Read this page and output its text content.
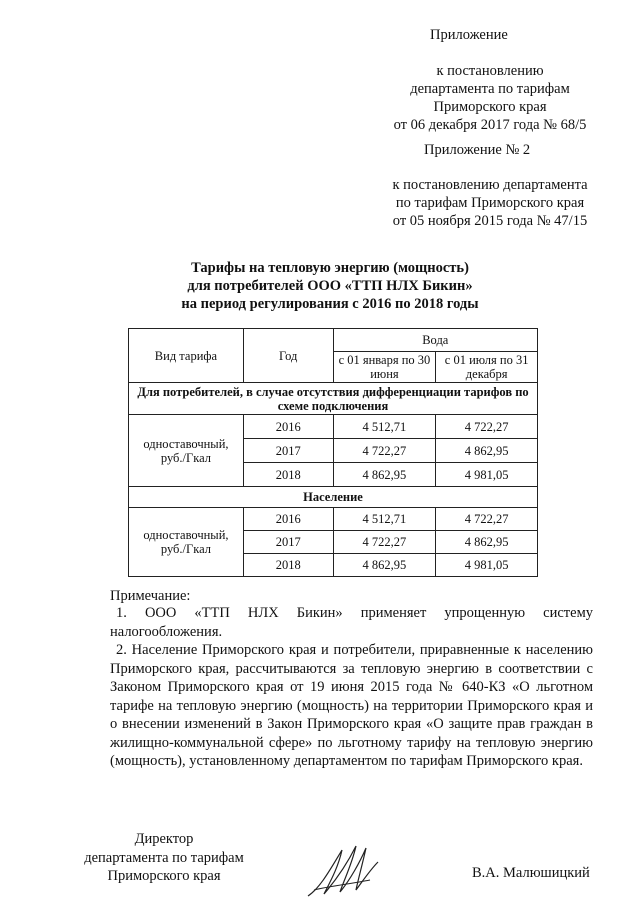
Приложение
к постановлению
департамента по тарифам
Приморского края
от 06 декабря 2017 года № 68/5
Приложение № 2
к постановлению департамента
по тарифам Приморского края
от 05 ноября 2015 года № 47/15
Тарифы на тепловую энергию (мощность)
для потребителей ООО «ТТП НЛХ Бикин»
на период регулирования с 2016 по 2018 годы
Вид тарифа	Год	Вода	
		с 01 января по 30 июня	с 01 июля по 31 декабря
Для потребителей, в случае отсутствия дифференциации тарифов по схеме подключения			
одноставочный, руб./Гкал	2016	4 512,71	4 722,27
	2017	4 722,27	4 862,95
	2018	4 862,95	4 981,05
Население			
одноставочный, руб./Гкал	2016	4 512,71	4 722,27
	2017	4 722,27	4 862,95
	2018	4 862,95	4 981,05
Примечание:
1. ООО «ТТП НЛХ Бикин» применяет упрощенную систему налогообложения.
2. Население Приморского края и потребители, приравненные к населению Приморского края, рассчитываются за тепловую энергию в соответствии с Законом Приморского края от 19 июня 2015 года № 640-КЗ «О льготном тарифе на тепловую энергию (мощность) на территории Приморского края и о внесении изменений в Закон Приморского края «О защите прав граждан в жилищно-коммунальной сфере» по льготному тарифу на тепловую энергию (мощность), установленному департаментом по тарифам Приморского края.
Директор
департамента по тарифам
Приморского края	В.А. Малюшицкий
